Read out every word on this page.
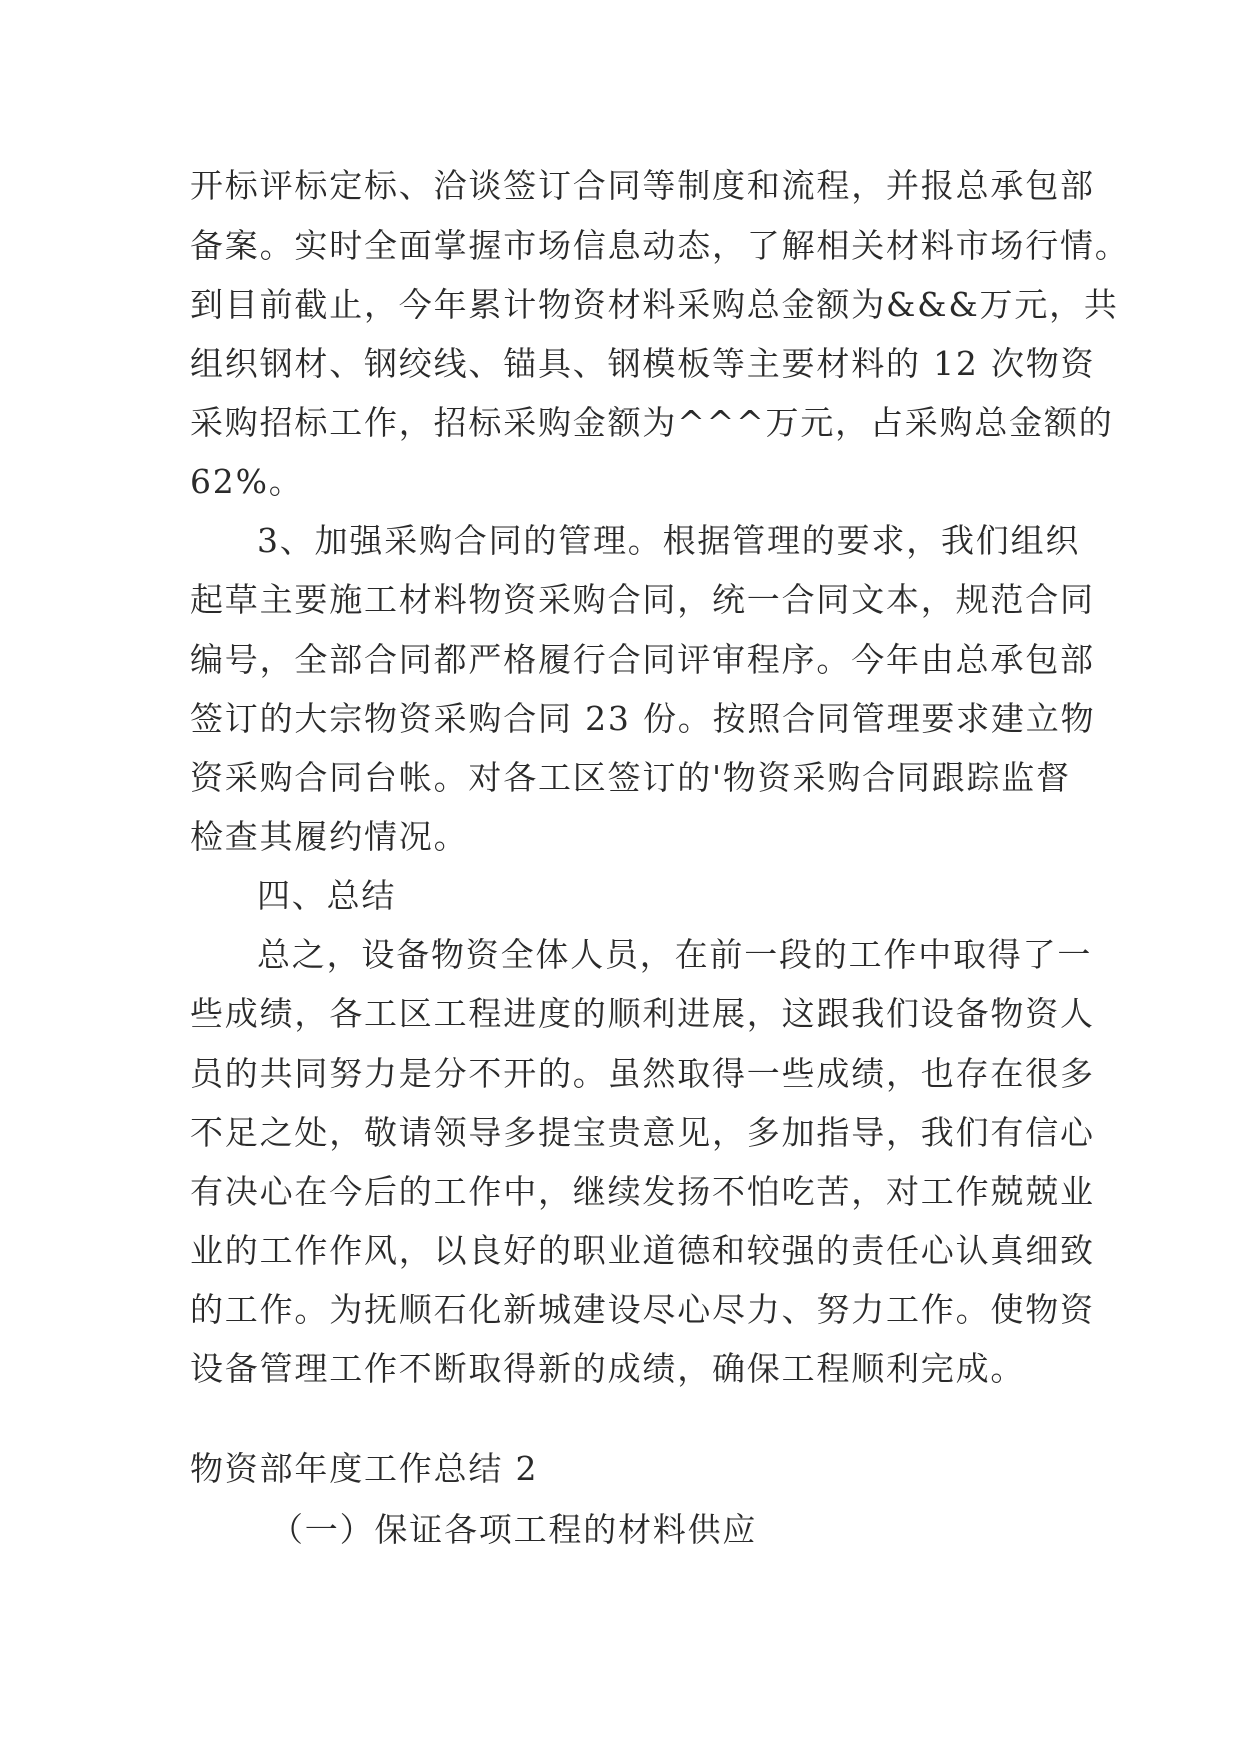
开标评标定标、洽谈签订合同等制度和流程，并报总承包部
备案。实时全面掌握市场信息动态，了解相关材料市场行情。
到目前截止，今年累计物资材料采购总金额为&&&万元，共
组织钢材、钢绞线、锚具、钢模板等主要材料的 12 次物资
采购招标工作，招标采购金额为^^^万元，占采购总金额的
62%。
3、加强采购合同的管理。根据管理的要求，我们组织
起草主要施工材料物资采购合同，统一合同文本，规范合同
编号，全部合同都严格履行合同评审程序。今年由总承包部
签订的大宗物资采购合同 23 份。按照合同管理要求建立物
资采购合同台帐。对各工区签订的'物资采购合同跟踪监督
检查其履约情况。
四、总结
总之，设备物资全体人员，在前一段的工作中取得了一
些成绩，各工区工程进度的顺利进展，这跟我们设备物资人
员的共同努力是分不开的。虽然取得一些成绩，也存在很多
不足之处，敬请领导多提宝贵意见，多加指导，我们有信心
有决心在今后的工作中，继续发扬不怕吃苦，对工作兢兢业
业的工作作风，以良好的职业道德和较强的责任心认真细致
的工作。为抚顺石化新城建设尽心尽力、努力工作。使物资
设备管理工作不断取得新的成绩，确保工程顺利完成。
物资部年度工作总结 2
（一）保证各项工程的材料供应
